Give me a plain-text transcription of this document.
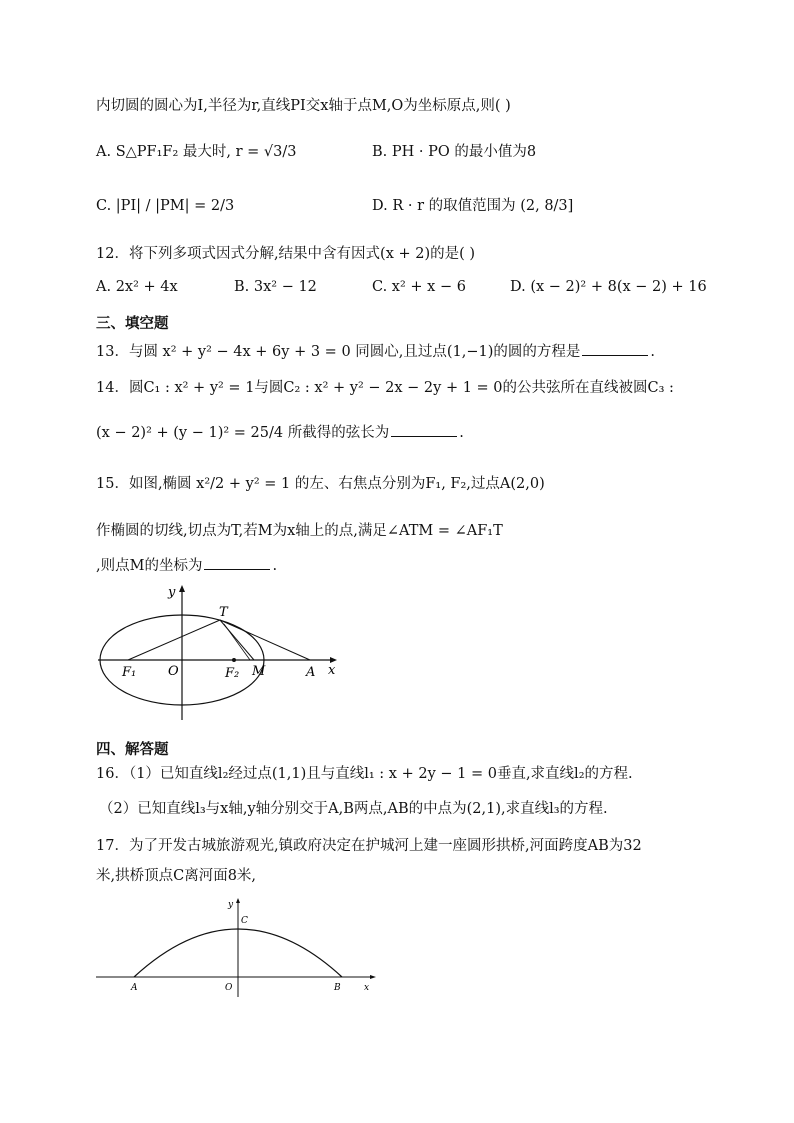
内切圆的圆心为I,半径为r,直线PI交x轴于点M,O为坐标原点,则( )
A. S△PF₁F₂ 最大时, r = √3/3	B. PH · PO 的最小值为8
C. |PI| / |PM| = 2/3	D. R · r 的取值范围为 (2, 8/3]
12．将下列多项式因式分解,结果中含有因式(x + 2)的是( )
A. 2x² + 4x	B. 3x² − 12	C. x² + x − 6	D. (x − 2)² + 8(x − 2) + 16
三、填空题
13．与圆 x² + y² − 4x + 6y + 3 = 0 同圆心,且过点(1,−1)的圆的方程是	.
14．圆C₁ : x² + y² = 1与圆C₂ : x² + y² − 2x − 2y + 1 = 0的公共弦所在直线被圆C₃ :
(x − 2)² + (y − 1)² = 25/4 所截得的弦长为	.
15．如图,椭圆 x²/2 + y² = 1 的左、右焦点分别为F₁, F₂,过点A(2,0)
作椭圆的切线,切点为T,若M为x轴上的点,满足∠ATM = ∠AF₁T
,则点M的坐标为	.
y
T
F₁ O	F₂ M	A x
四、解答题
16．（1）已知直线l₂经过点(1,1)且与直线l₁ : x + 2y − 1 = 0垂直,求直线l₂的方程.
（2）已知直线l₃与x轴,y轴分别交于A,B两点,AB的中点为(2,1),求直线l₃的方程.
17．为了开发古城旅游观光,镇政府决定在护城河上建一座圆形拱桥,河面跨度AB为32
米,拱桥顶点C离河面8米,
y
C
A	O	B	x
